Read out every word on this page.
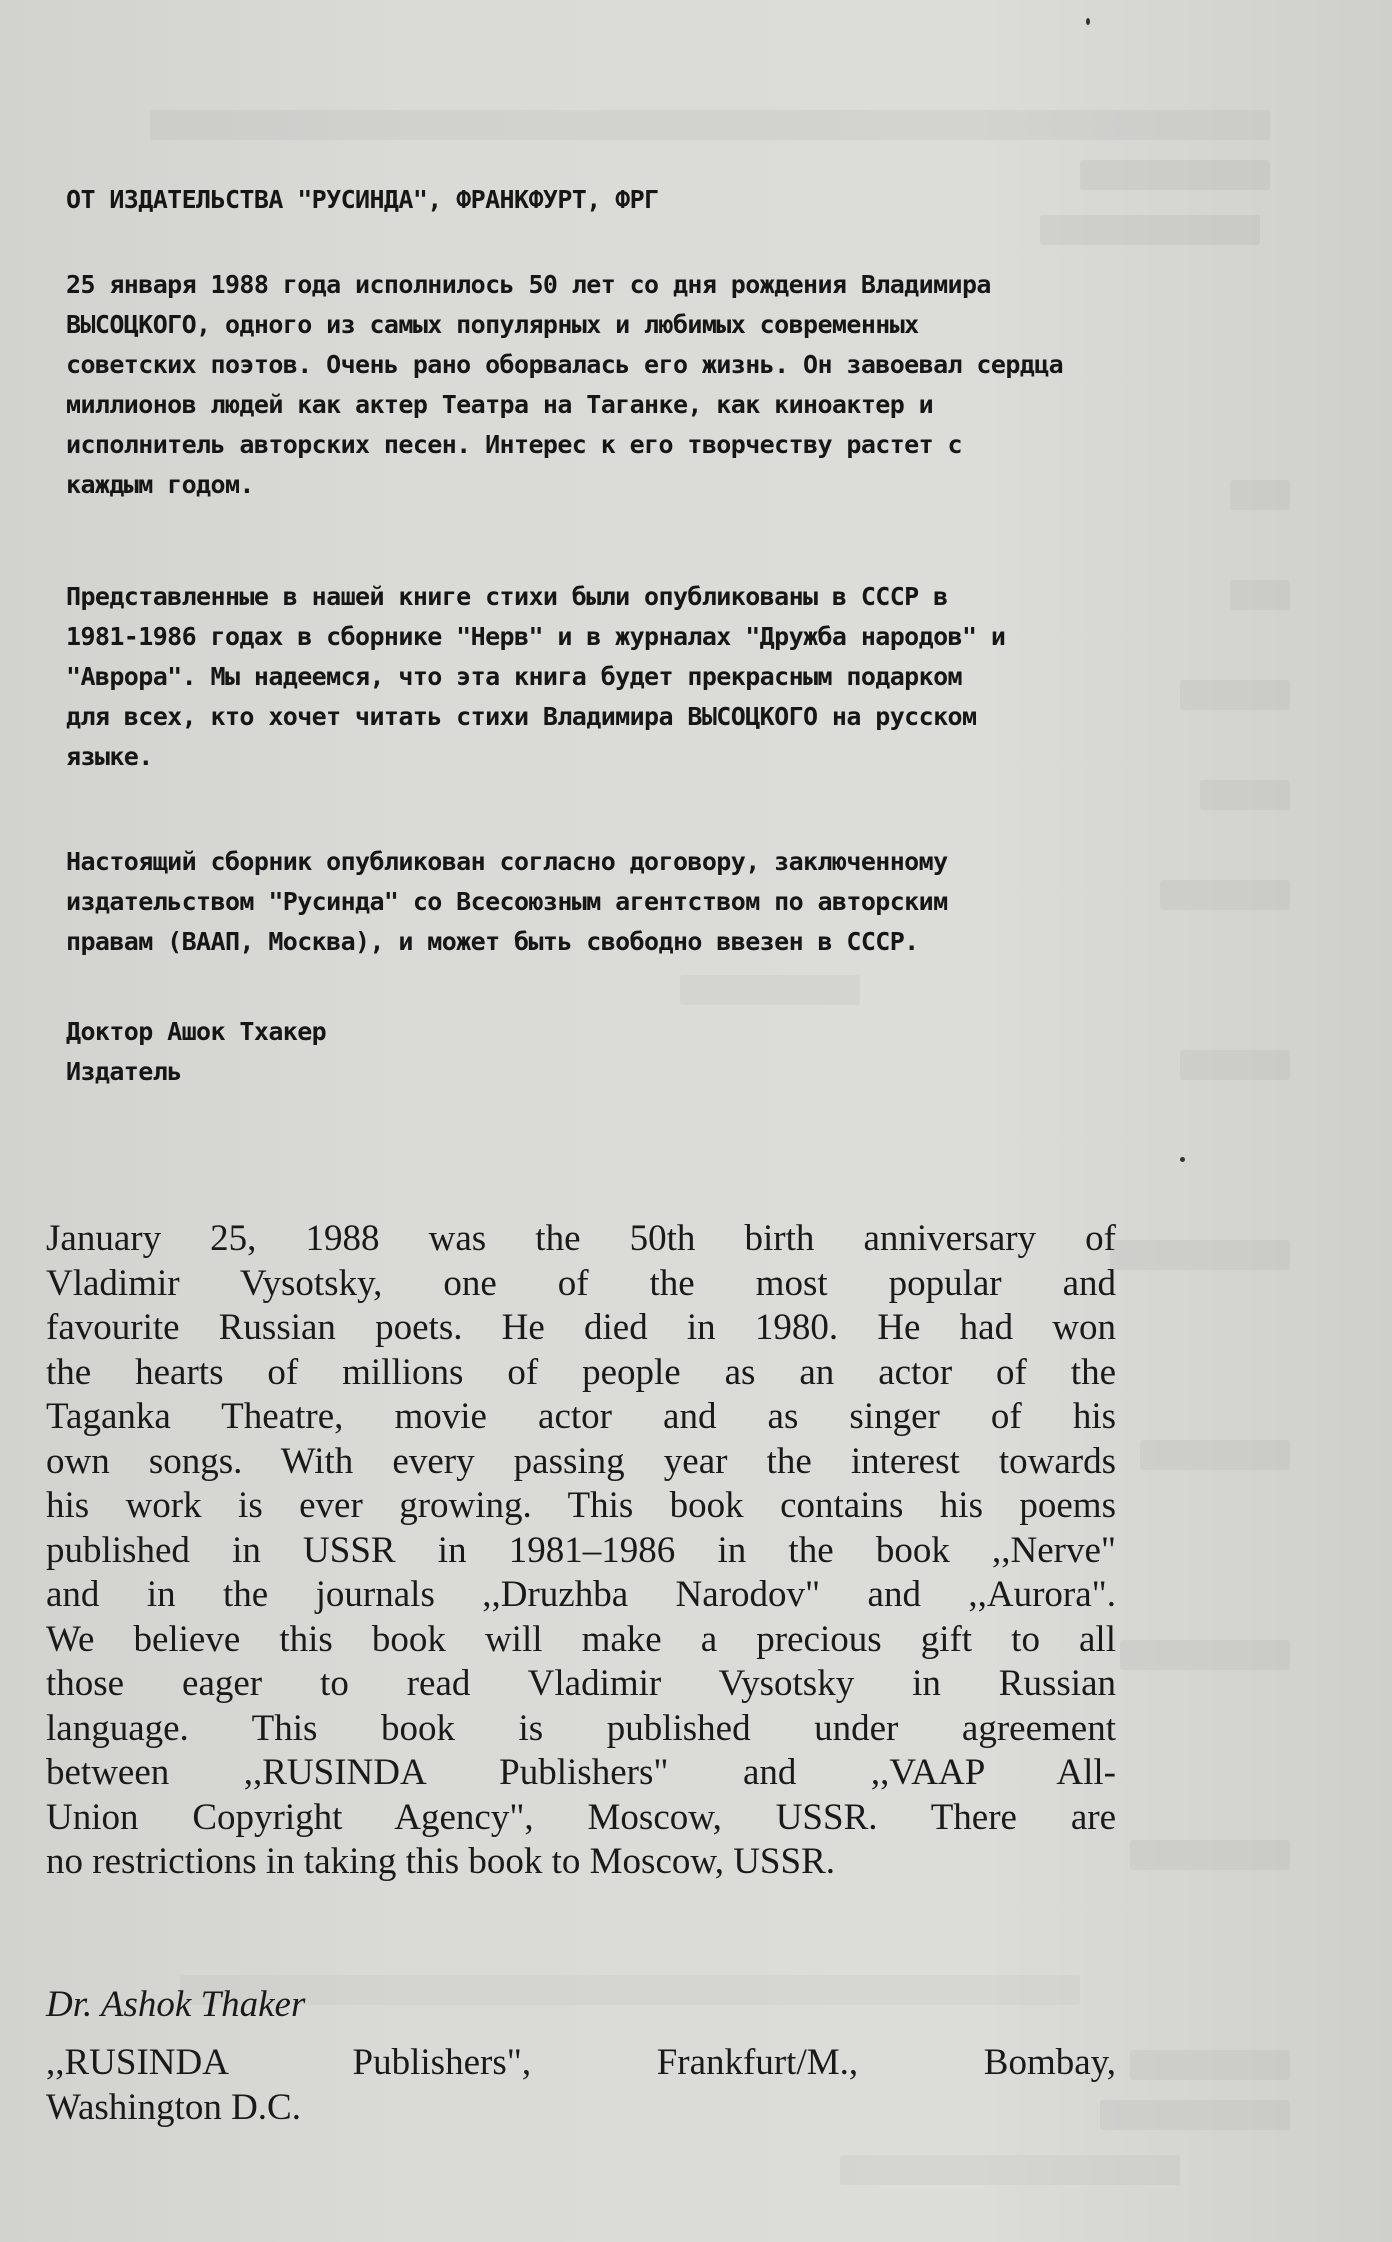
ОТ ИЗДАТЕЛЬСТВА "РУСИНДА", ФРАНКФУРТ, ФРГ
25 января 1988 года исполнилось 50 лет со дня рождения Владимира
ВЫСОЦКОГО, одного из самых популярных и любимых современных
советских поэтов. Очень рано оборвалась его жизнь. Он завоевал сердца
миллионов людей как актер Театра на Таганке, как киноактер и
исполнитель авторских песен. Интерес к его творчеству растет с
каждым годом.
Представленные в нашей книге стихи были опубликованы в СССР в
1981-1986 годах в сборнике "Нерв" и в журналах "Дружба народов" и
"Аврора". Мы надеемся, что эта книга будет прекрасным подарком
для всех, кто хочет читать стихи Владимира ВЫСОЦКОГО на русском
языке.
Настоящий сборник опубликован согласно договору, заключенному
издательством "Русинда" со Всесоюзным агентством по авторским
правам (ВААП, Москва), и может быть свободно ввезен в СССР.
Доктор Ашок Тхакер
Издатель
January 25, 1988 was the 50th birth anniversary of
Vladimir Vysotsky, one of the most popular and
favourite Russian poets. He died in 1980. He had won
the hearts of millions of people as an actor of the
Taganka Theatre, movie actor and as singer of his
own songs. With every passing year the interest towards
his work is ever growing. This book contains his poems
published in USSR in 1981–1986 in the book ,,Nerve"
and in the journals ,,Druzhba Narodov" and ,,Aurora".
We believe this book will make a precious gift to all
those eager to read Vladimir Vysotsky in Russian
language. This book is published under agreement
between ,,RUSINDA Publishers" and ,,VAAP All-
Union Copyright Agency", Moscow, USSR. There are
no restrictions in taking this book to Moscow, USSR.
Dr. Ashok Thaker
,,RUSINDA Publishers", Frankfurt/M., Bombay,
Washington D.C.
